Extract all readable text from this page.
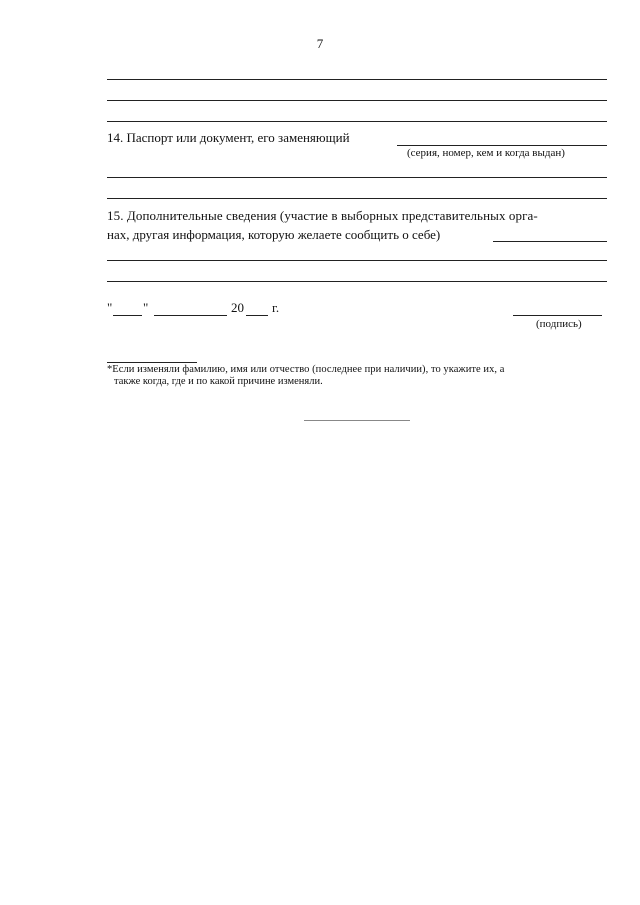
7
14. Паспорт или документ, его заменяющий
(серия, номер, кем и когда выдан)
15. Дополнительные сведения (участие в выборных представительных орга-
нах, другая информация, которую желаете сообщить о себе)
" "	20 г.
(подпись)
*Если изменяли фамилию, имя или отчество (последнее при наличии), то укажите их, а
также когда, где и по какой причине изменяли.
